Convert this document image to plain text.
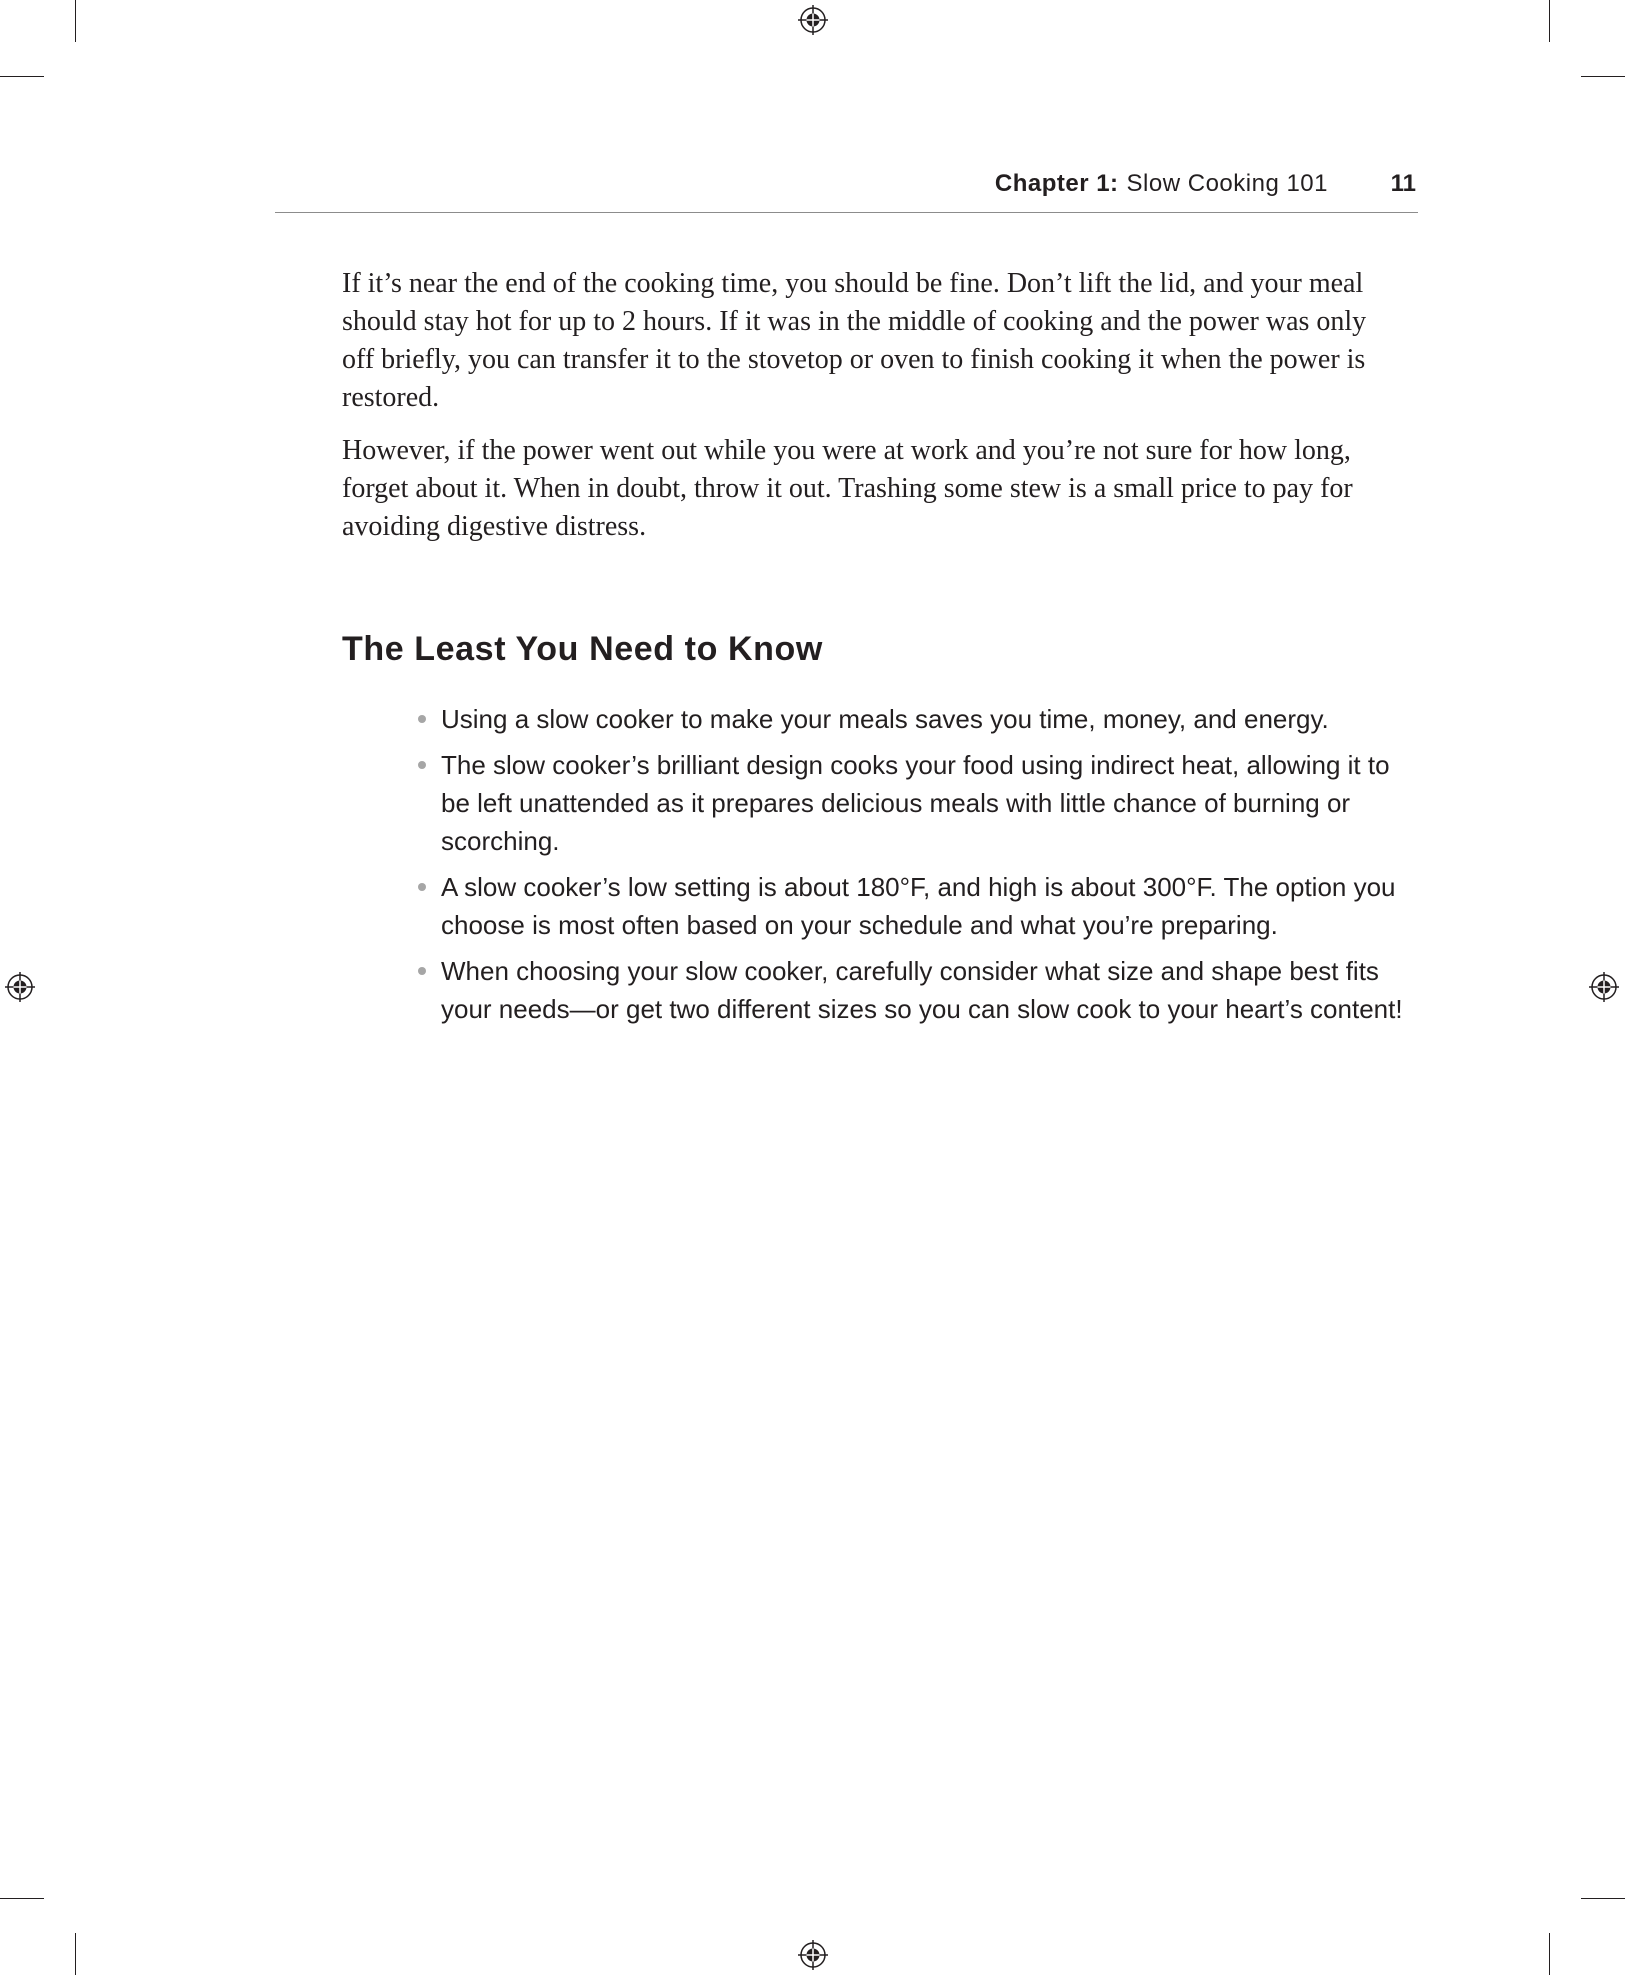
Chapter 1: Slow Cooking 101	11

If it’s near the end of the cooking time, you should be fine. Don’t lift the lid, and your meal should stay hot for up to 2 hours. If it was in the middle of cooking and the power was only off briefly, you can transfer it to the stovetop or oven to finish cooking it when the power is restored.

However, if the power went out while you were at work and you’re not sure for how long, forget about it. When in doubt, throw it out. Trashing some stew is a small price to pay for avoiding digestive distress.

The Least You Need to Know
Using a slow cooker to make your meals saves you time, money, and energy.
The slow cooker’s brilliant design cooks your food using indirect heat, allowing it to be left unattended as it prepares delicious meals with little chance of burning or scorching.
A slow cooker’s low setting is about 180°F, and high is about 300°F. The option you choose is most often based on your schedule and what you’re preparing.
When choosing your slow cooker, carefully consider what size and shape best fits your needs—or get two different sizes so you can slow cook to your heart’s content!
